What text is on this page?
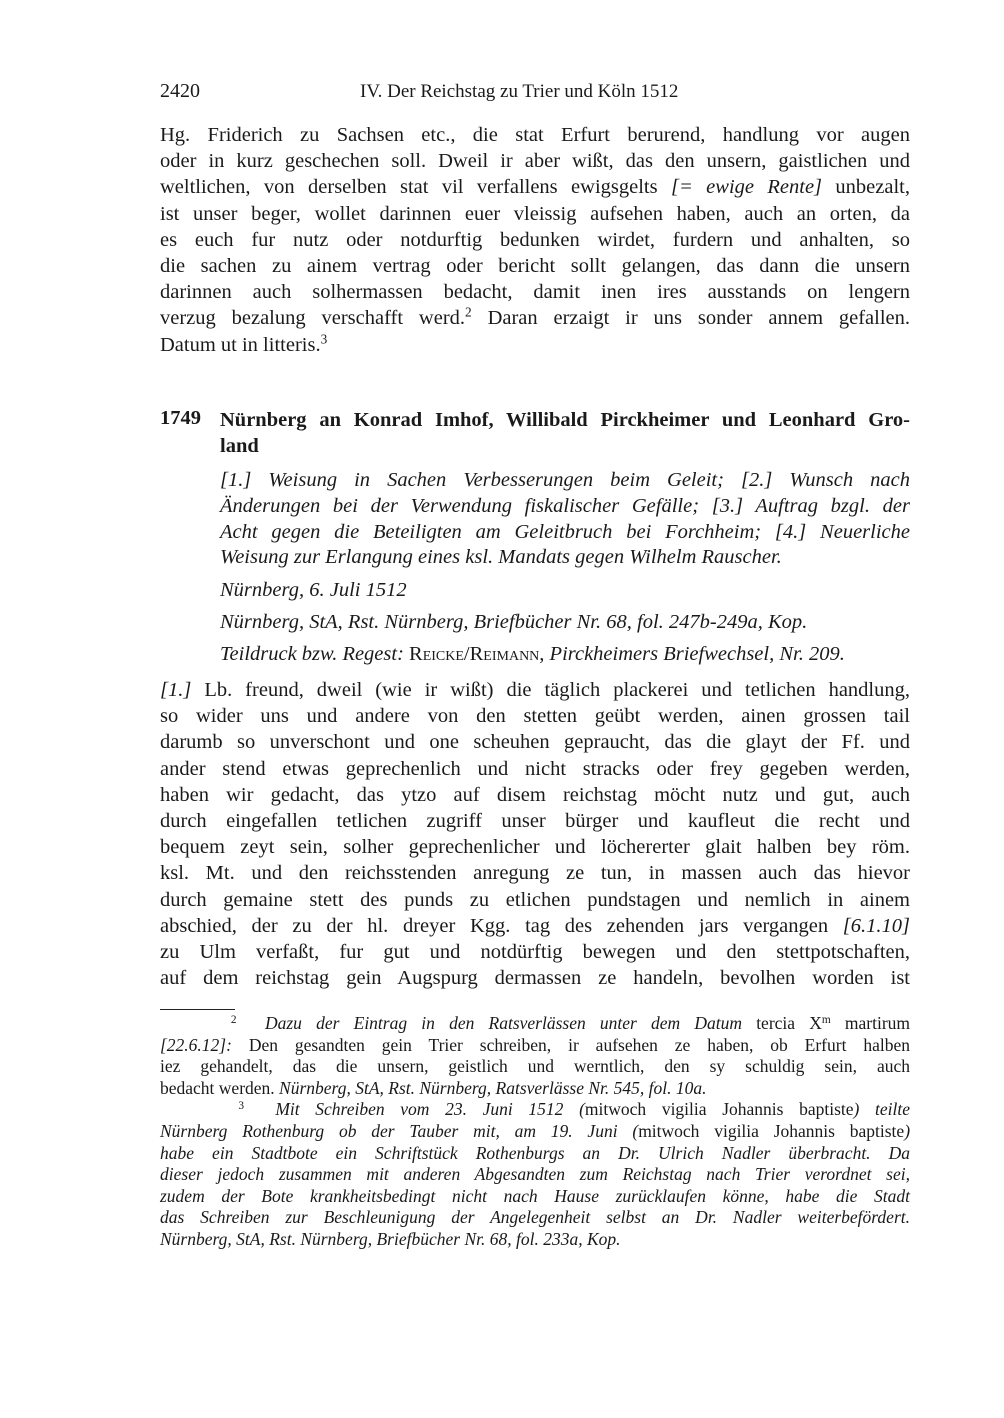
2420	IV. Der Reichstag zu Trier und Köln 1512
Hg. Friderich zu Sachsen etc., die stat Erfurt berurend, handlung vor augen
oder in kurz geschechen soll. Dweil ir aber wißt, das den unsern, gaistlichen und
weltlichen, von derselben stat vil verfallens ewigsgelts [= ewige Rente] unbezalt,
ist unser beger, wollet darinnen euer vleissig aufsehen haben, auch an orten, da
es euch fur nutz oder notdurftig bedunken wirdet, furdern und anhalten, so
die sachen zu ainem vertrag oder bericht sollt gelangen, das dann die unsern
darinnen auch solhermassen bedacht, damit inen ires ausstands on lengern
verzug bezalung verschafft werd.$^2$ Daran erzaigt ir uns sonder annem gefallen.
Datum ut in litteris.$^3$
1749 Nürnberg an Konrad Imhof, Willibald Pirckheimer und Leonhard Gro-
land
[1.] Weisung in Sachen Verbesserungen beim Geleit; [2.] Wunsch nach
Änderungen bei der Verwendung fiskalischer Gefälle; [3.] Auftrag bzgl. der
Acht gegen die Beteiligten am Geleitbruch bei Forchheim; [4.] Neuerliche
Weisung zur Erlangung eines ksl. Mandats gegen Wilhelm Rauscher.
Nürnberg, 6. Juli 1512
Nürnberg, StA, Rst. Nürnberg, Briefbücher Nr. 68, fol. 247b-249a, Kop.
Teildruck bzw. Regest: Reicke/Reimann, Pirckheimers Briefwechsel, Nr. 209.
[1.] Lb. freund, dweil (wie ir wißt) die täglich plackerei und tetlichen handlung,
so wider uns und andere von den stetten geübt werden, ainen grossen tail
darumb so unverschont und one scheuhen gepraucht, das die glayt der Ff. und
ander stend etwas geprechenlich und nicht stracks oder frey gegeben werden,
haben wir gedacht, das ytzo auf disem reichstag möcht nutz und gut, auch
durch eingefallen tetlichen zugriff unser bürger und kaufleut die recht und
bequem zeyt sein, solher geprechenlicher und löchererter glait halben bey röm.
ksl. Mt. und den reichsstenden anregung ze tun, in massen auch das hievor
durch gemaine stett des punds zu etlichen pundstagen und nemlich in ainem
abschied, der zu der hl. dreyer Kgg. tag des zehenden jars vergangen [6.1.10]
zu Ulm verfaßt, fur gut und notdürftig bewegen und den stettpotschaften,
auf dem reichstag gein Augspurg dermassen ze handeln, bevolhen worden ist
$^2$ Dazu der Eintrag in den Ratsverlässen unter dem Datum tercia $X^m$ martirum
[22.6.12]: Den gesandten gein Trier schreiben, ir aufsehen ze haben, ob Erfurt halben
iez gehandelt, das die unsern, geistlich und werntlich, den sy schuldig sein, auch
bedacht werden. Nürnberg, StA, Rst. Nürnberg, Ratsverlässe Nr. 545, fol. 10a.
$^3$ Mit Schreiben vom 23. Juni 1512 (mitwoch vigilia Johannis baptiste) teilte
Nürnberg Rothenburg ob der Tauber mit, am 19. Juni (mitwoch vigilia Johannis baptiste)
habe ein Stadtbote ein Schriftstück Rothenburgs an Dr. Ulrich Nadler überbracht. Da
dieser jedoch zusammen mit anderen Abgesandten zum Reichstag nach Trier verordnet sei,
zudem der Bote krankheitsbedingt nicht nach Hause zurücklaufen könne, habe die Stadt
das Schreiben zur Beschleunigung der Angelegenheit selbst an Dr. Nadler weiterbefördert.
Nürnberg, StA, Rst. Nürnberg, Briefbücher Nr. 68, fol. 233a, Kop.
